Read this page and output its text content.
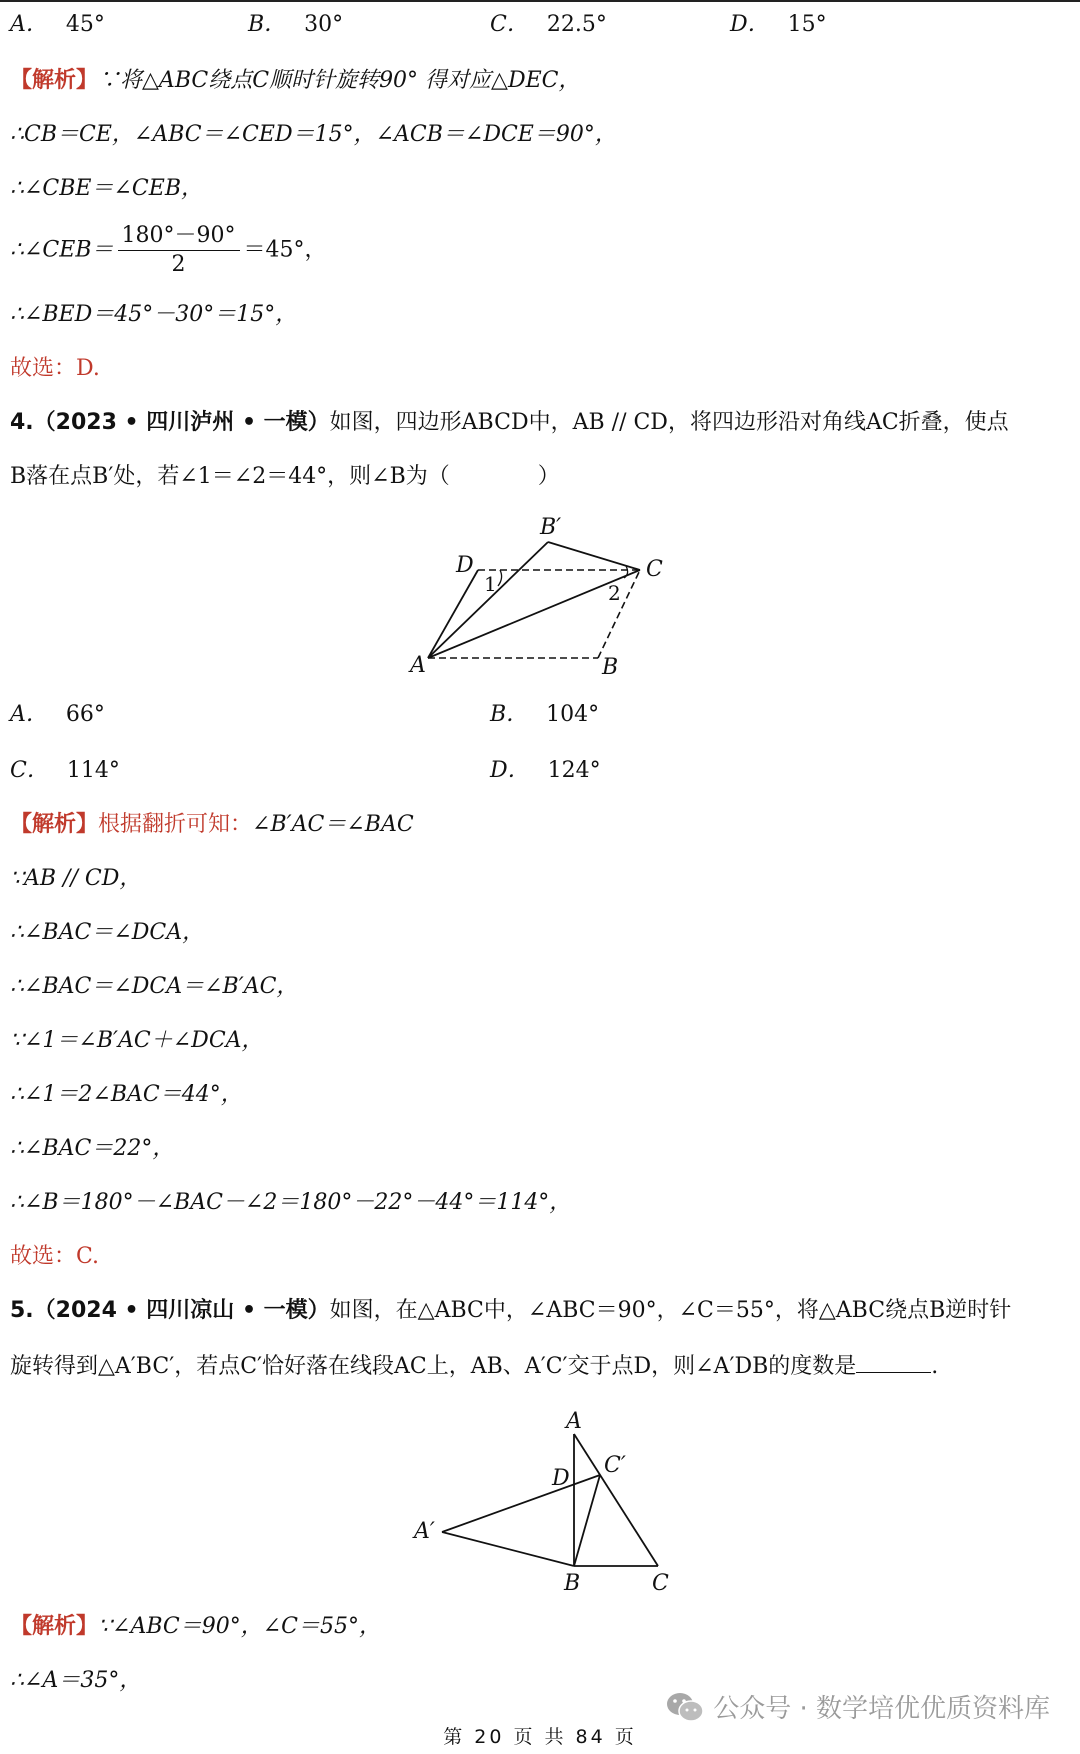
A． 45°	B． 30°	C． 22.5°	D． 15°
【解析】∵将△ABC绕点C顺时针旋转90° 得对应△DEC，
∴CB＝CE，∠ABC＝∠CED＝15°，∠ACB＝∠DCE＝90°，
∴∠CBE＝∠CEB，
∴∠CEB＝ $\frac{180^\circ-90^\circ}{2} =45^\circ$，
∴∠BED＝45°－30°＝15°，
故选：D.
4.（2023 • 四川泸州 • 一模）如图，四边形ABCD中，AB // CD，将四边形沿对角线AC折叠，使点
B落在点B′处，若∠1＝∠2＝44°，则∠B为（　　　　）
B′
D	C
A	B
1	2
A． 66°	B． 104°
C． 114°	D． 124°
【解析】根据翻折可知：∠B′AC＝∠BAC
∵AB // CD，
∴∠BAC＝∠DCA，
∴∠BAC＝∠DCA＝∠B′AC，
∵∠1＝∠B′AC＋∠DCA，
∴∠1＝2∠BAC＝44°，
∴∠BAC＝22°，
∴∠B＝180°－∠BAC－∠2＝180°－22°－44°＝114°，
故选：C.
5.（2024 • 四川凉山 • 一模）如图，在△ABC中，∠ABC＝90°，∠C＝55°，将△ABC绕点B逆时针
旋转得到△A′BC′，若点C′恰好落在线段AC上，AB、A′C′交于点D，则∠A′DB的度数是	.
A
D
C′
A′
B	C
【解析】∵∠ABC＝90°，∠C＝55°，
∴∠A＝35°，
公众号 · 数学培优优质资料库
第 20 页 共 84 页
